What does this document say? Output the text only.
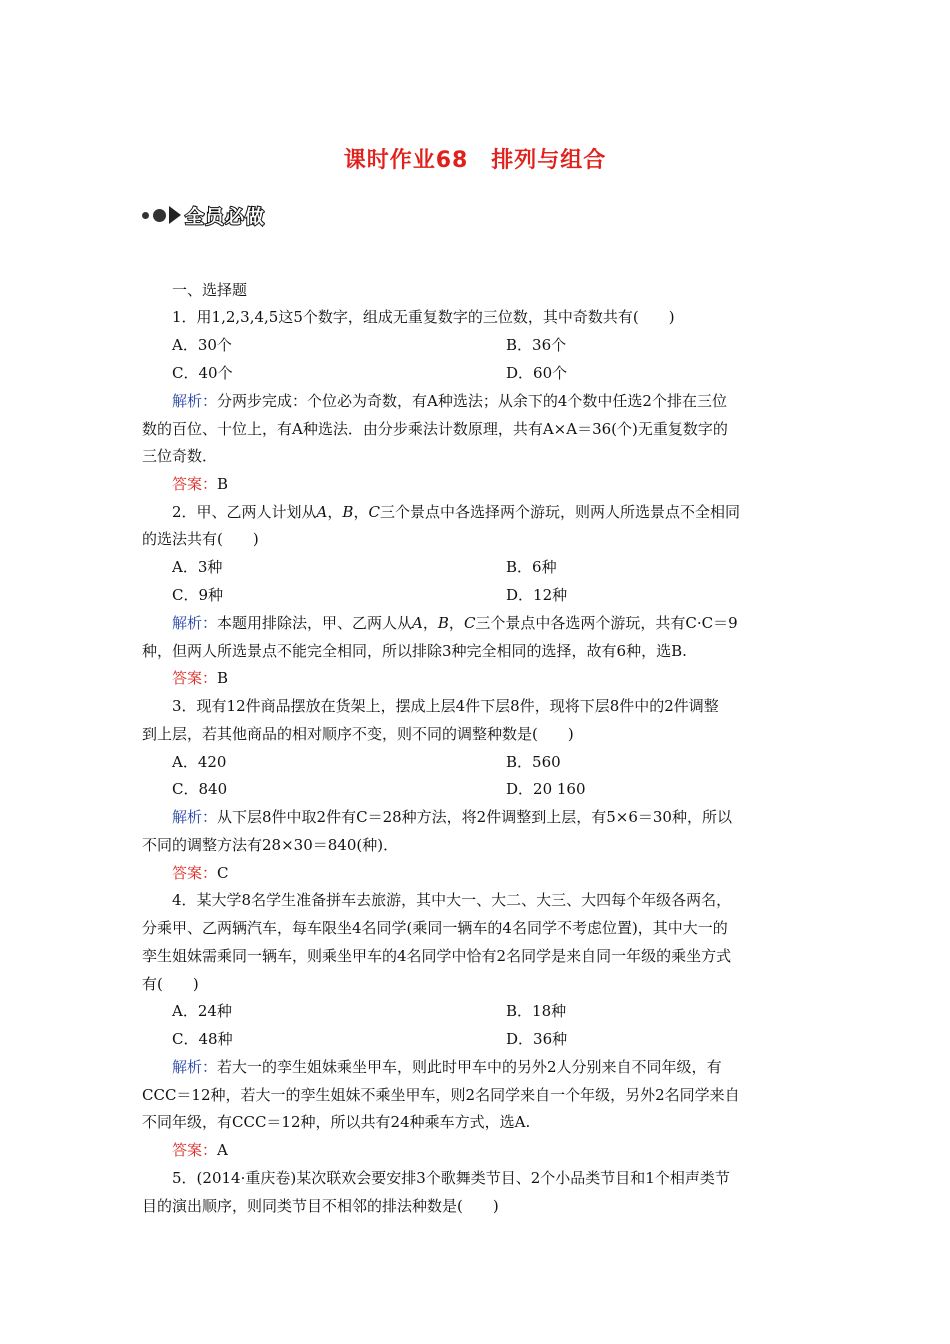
课时作业68　排列与组合
全员必做
一、选择题
1．用1,2,3,4,5这5个数字，组成无重复数字的三位数，其中奇数共有(　　)
A．30个	B．36个
C．40个	D．60个
解析：分两步完成：个位必为奇数，有A种选法；从余下的4个数中任选2个排在三位
数的百位、十位上，有A种选法．由分步乘法计数原理，共有A×A＝36(个)无重复数字的
三位奇数．
答案：B
2．甲、乙两人计划从A，B，C三个景点中各选择两个游玩，则两人所选景点不全相同
的选法共有(　　)
A．3种	B．6种
C．9种	D．12种
解析：本题用排除法，甲、乙两人从A，B，C三个景点中各选两个游玩，共有C·C＝9
种，但两人所选景点不能完全相同，所以排除3种完全相同的选择，故有6种，选B.
答案：B
3．现有12件商品摆放在货架上，摆成上层4件下层8件，现将下层8件中的2件调整
到上层，若其他商品的相对顺序不变，则不同的调整种数是(　　)
A．420	B．560
C．840	D．20 160
解析：从下层8件中取2件有C＝28种方法，将2件调整到上层，有5×6＝30种，所以
不同的调整方法有28×30＝840(种)．
答案：C
4．某大学8名学生准备拼车去旅游，其中大一、大二、大三、大四每个年级各两名，
分乘甲、乙两辆汽车，每车限坐4名同学(乘同一辆车的4名同学不考虑位置)，其中大一的
孪生姐妹需乘同一辆车，则乘坐甲车的4名同学中恰有2名同学是来自同一年级的乘坐方式
有(　　)
A．24种	B．18种
C．48种	D．36种
解析：若大一的孪生姐妹乘坐甲车，则此时甲车中的另外2人分别来自不同年级，有
CCC＝12种，若大一的孪生姐妹不乘坐甲车，则2名同学来自一个年级，另外2名同学来自
不同年级，有CCC＝12种，所以共有24种乘车方式，选A.
答案：A
5．(2014·重庆卷)某次联欢会要安排3个歌舞类节目、2个小品类节目和1个相声类节
目的演出顺序，则同类节目不相邻的排法种数是(　　)
